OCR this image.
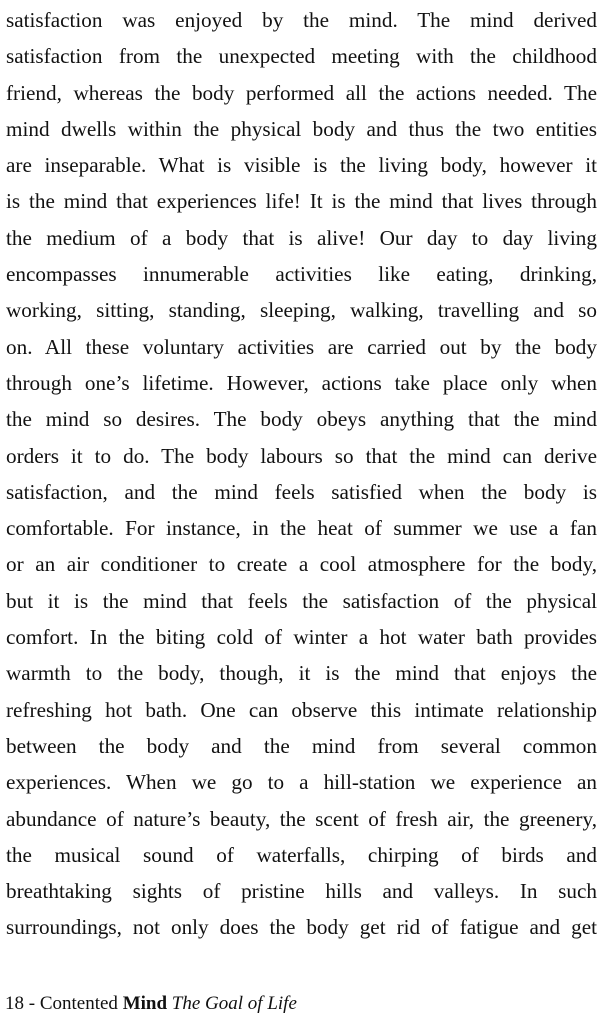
satisfaction was enjoyed by the mind. The mind derived
satisfaction from the unexpected meeting with the childhood
friend, whereas the body performed all the actions needed. The
mind dwells within the physical body and thus the two entities
are inseparable. What is visible is the living body, however it
is the mind that experiences life! It is the mind that lives through
the medium of a body that is alive! Our day to day living
encompasses innumerable activities like eating, drinking,
working, sitting, standing, sleeping, walking, travelling and so
on. All these voluntary activities are carried out by the body
through one’s lifetime. However, actions take place only when
the mind so desires. The body obeys anything that the mind
orders it to do. The body labours so that the mind can derive
satisfaction, and the mind feels satisfied when the body is
comfortable. For instance, in the heat of summer we use a fan
or an air conditioner to create a cool atmosphere for the body,
but it is the mind that feels the satisfaction of the physical
comfort. In the biting cold of winter a hot water bath provides
warmth to the body, though, it is the mind that enjoys the
refreshing hot bath. One can observe this intimate relationship
between the body and the mind from several common
experiences. When we go to a hill-station we experience an
abundance of nature’s beauty, the scent of fresh air, the greenery,
the musical sound of waterfalls, chirping of birds and
breathtaking sights of pristine hills and valleys. In such
surroundings, not only does the body get rid of fatigue and get
18 - Contented Mind The Goal of Life
